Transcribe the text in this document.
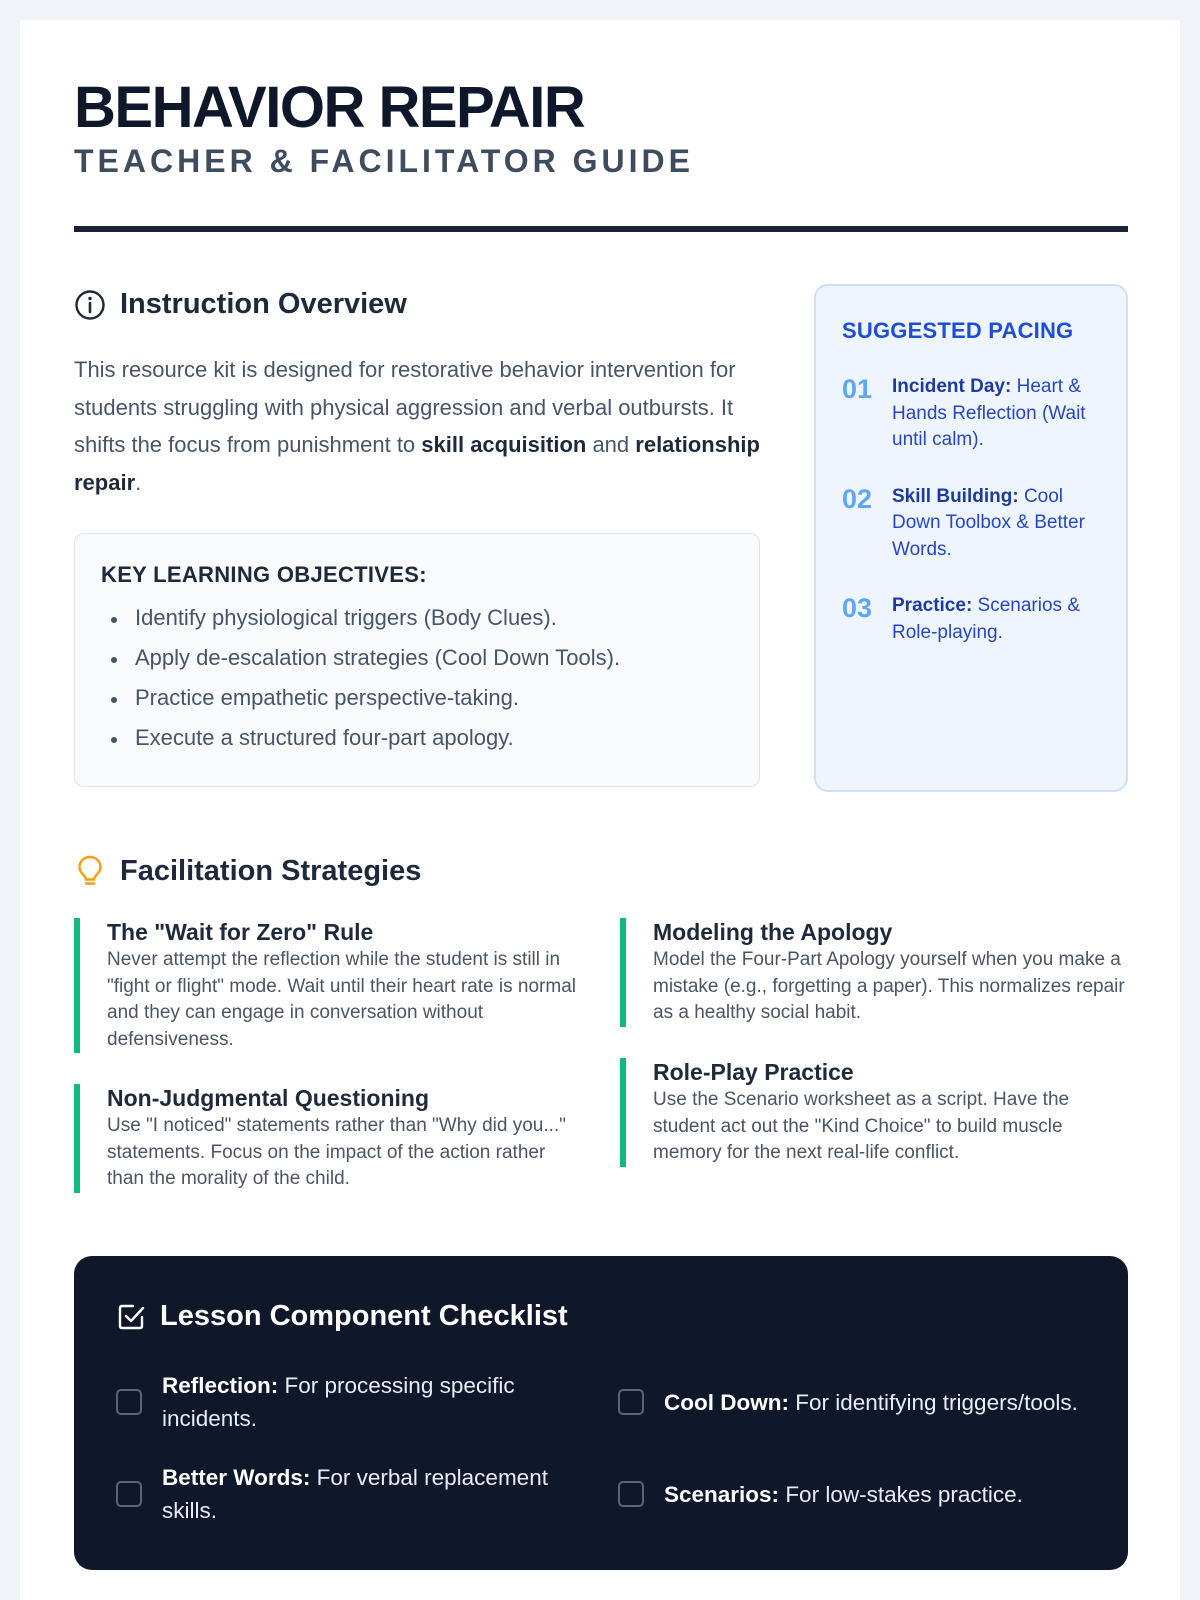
BEHAVIOR REPAIR
TEACHER & FACILITATOR GUIDE
Instruction Overview

This resource kit is designed for restorative behavior intervention for students struggling with physical aggression and verbal outbursts. It shifts the focus from punishment to skill acquisition and relationship repair.

KEY LEARNING OBJECTIVES:
Identify physiological triggers (Body Clues).
Apply de-escalation strategies (Cool Down Tools).
Practice empathetic perspective-taking.
Execute a structured four-part apology.
SUGGESTED PACING
01 Incident Day: Heart & Hands Reflection (Wait until calm).
02 Skill Building: Cool Down Toolbox & Better Words.
03 Practice: Scenarios & Role-playing.
Facilitation Strategies
The "Wait for Zero" Rule
Never attempt the reflection while the student is still in "fight or flight" mode. Wait until their heart rate is normal and they can engage in conversation without defensiveness.
Non-Judgmental Questioning
Use "I noticed" statements rather than "Why did you..." statements. Focus on the impact of the action rather than the morality of the child.
Modeling the Apology
Model the Four-Part Apology yourself when you make a mistake (e.g., forgetting a paper). This normalizes repair as a healthy social habit.
Role-Play Practice
Use the Scenario worksheet as a script. Have the student act out the "Kind Choice" to build muscle memory for the next real-life conflict.
Lesson Component Checklist
Reflection: For processing specific incidents.
Cool Down: For identifying triggers/tools.
Better Words: For verbal replacement skills.
Scenarios: For low-stakes practice.
